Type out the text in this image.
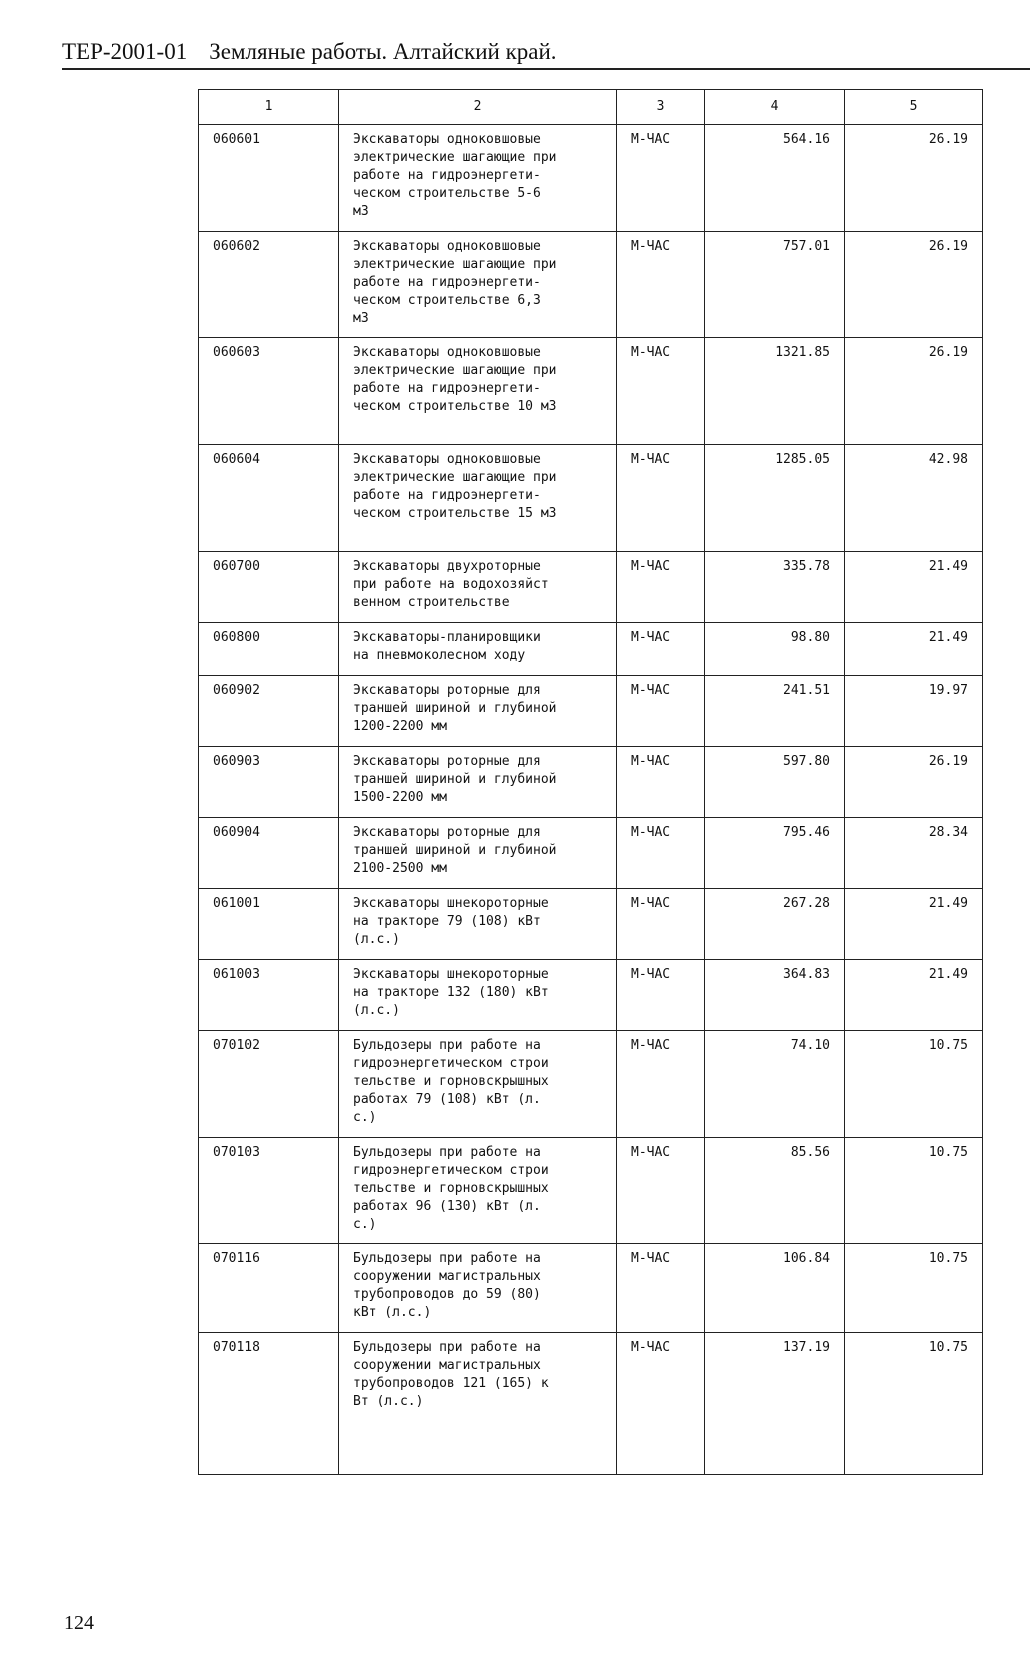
ТЕР-2001-01 Земляные работы. Алтайский край.
1	2	3	4	5
060601	Экскаваторы одноковшовые
электрические шагающие при
работе на гидроэнергети-
ческом строительстве 5-6
м3	М-ЧАС	564.16	26.19
060602	Экскаваторы одноковшовые
электрические шагающие при
работе на гидроэнергети-
ческом строительстве 6,3
м3	М-ЧАС	757.01	26.19
060603	Экскаваторы одноковшовые
электрические шагающие при
работе на гидроэнергети-
ческом строительстве 10 м3	М-ЧАС	1321.85	26.19
060604	Экскаваторы одноковшовые
электрические шагающие при
работе на гидроэнергети-
ческом строительстве 15 м3	М-ЧАС	1285.05	42.98
060700	Экскаваторы двухроторные
при работе на водохозяйст
венном строительстве	М-ЧАС	335.78	21.49
060800	Экскаваторы-планировщики
на пневмоколесном ходу	М-ЧАС	98.80	21.49
060902	Экскаваторы роторные для
траншей шириной и глубиной
1200-2200 мм	М-ЧАС	241.51	19.97
060903	Экскаваторы роторные для
траншей шириной и глубиной
1500-2200 мм	М-ЧАС	597.80	26.19
060904	Экскаваторы роторные для
траншей шириной и глубиной
2100-2500 мм	М-ЧАС	795.46	28.34
061001	Экскаваторы шнекороторные
на тракторе 79 (108) кВт
(л.с.)	М-ЧАС	267.28	21.49
061003	Экскаваторы шнекороторные
на тракторе 132 (180) кВт
(л.с.)	М-ЧАС	364.83	21.49
070102	Бульдозеры при работе на
гидроэнергетическом строи
тельстве и горновскрышных
работах 79 (108) кВт (л.
с.)	М-ЧАС	74.10	10.75
070103	Бульдозеры при работе на
гидроэнергетическом строи
тельстве и горновскрышных
работах 96 (130) кВт (л.
с.)	М-ЧАС	85.56	10.75
070116	Бульдозеры при работе на
сооружении магистральных
трубопроводов до 59 (80)
кВт (л.с.)	М-ЧАС	106.84	10.75
070118	Бульдозеры при работе на
сооружении магистральных
трубопроводов 121 (165) к
Вт (л.с.)	М-ЧАС	137.19	10.75
124
